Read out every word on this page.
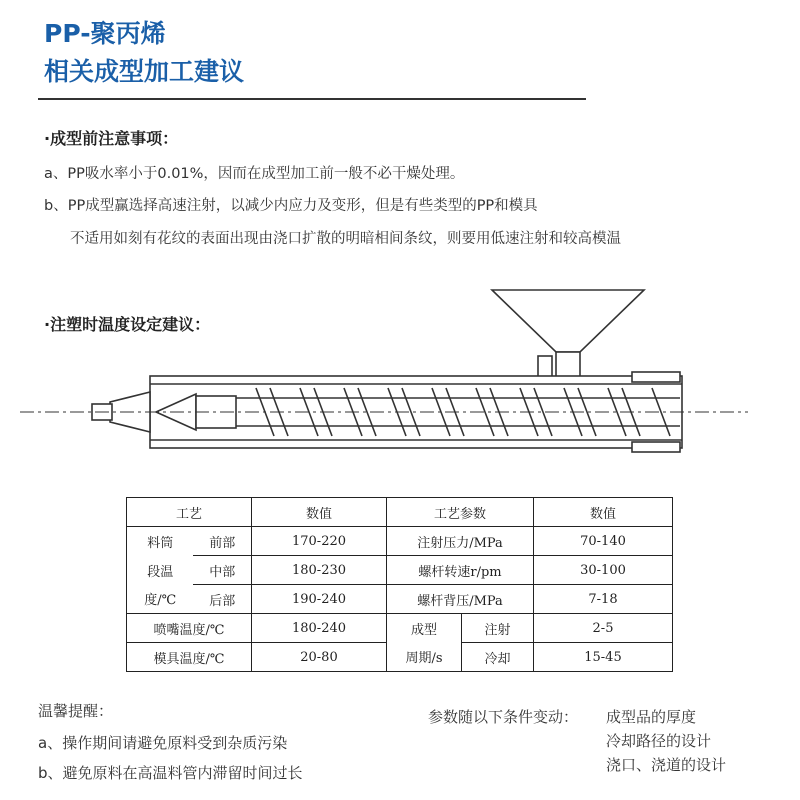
PP-聚丙烯
相关成型加工建议
·成型前注意事项：
a、PP吸水率小于0.01%，因而在成型加工前一般不必干燥处理。
b、PP成型赢选择高速注射，以减少内应力及变形，但是有些类型的PP和模具
不适用如刻有花纹的表面出现由浇口扩散的明暗相间条纹，则要用低速注射和较高模温
·注塑时温度设定建议：
工艺		数值	工艺参数		数值
料筒	前部	170-220	注射压力/MPa		70-140
段温	中部	180-230	螺杆转速r/pm		30-100
度/℃	后部	190-240	螺杆背压/MPa		7-18
喷嘴温度/℃		180-240	成型	注射	2-5
模具温度/℃		20-80	周期/s	冷却	15-45
温馨提醒：
a、操作期间请避免原料受到杂质污染
b、避免原料在高温料管内滞留时间过长
参数随以下条件变动： 成型品的厚度
冷却路径的设计
浇口、浇道的设计
